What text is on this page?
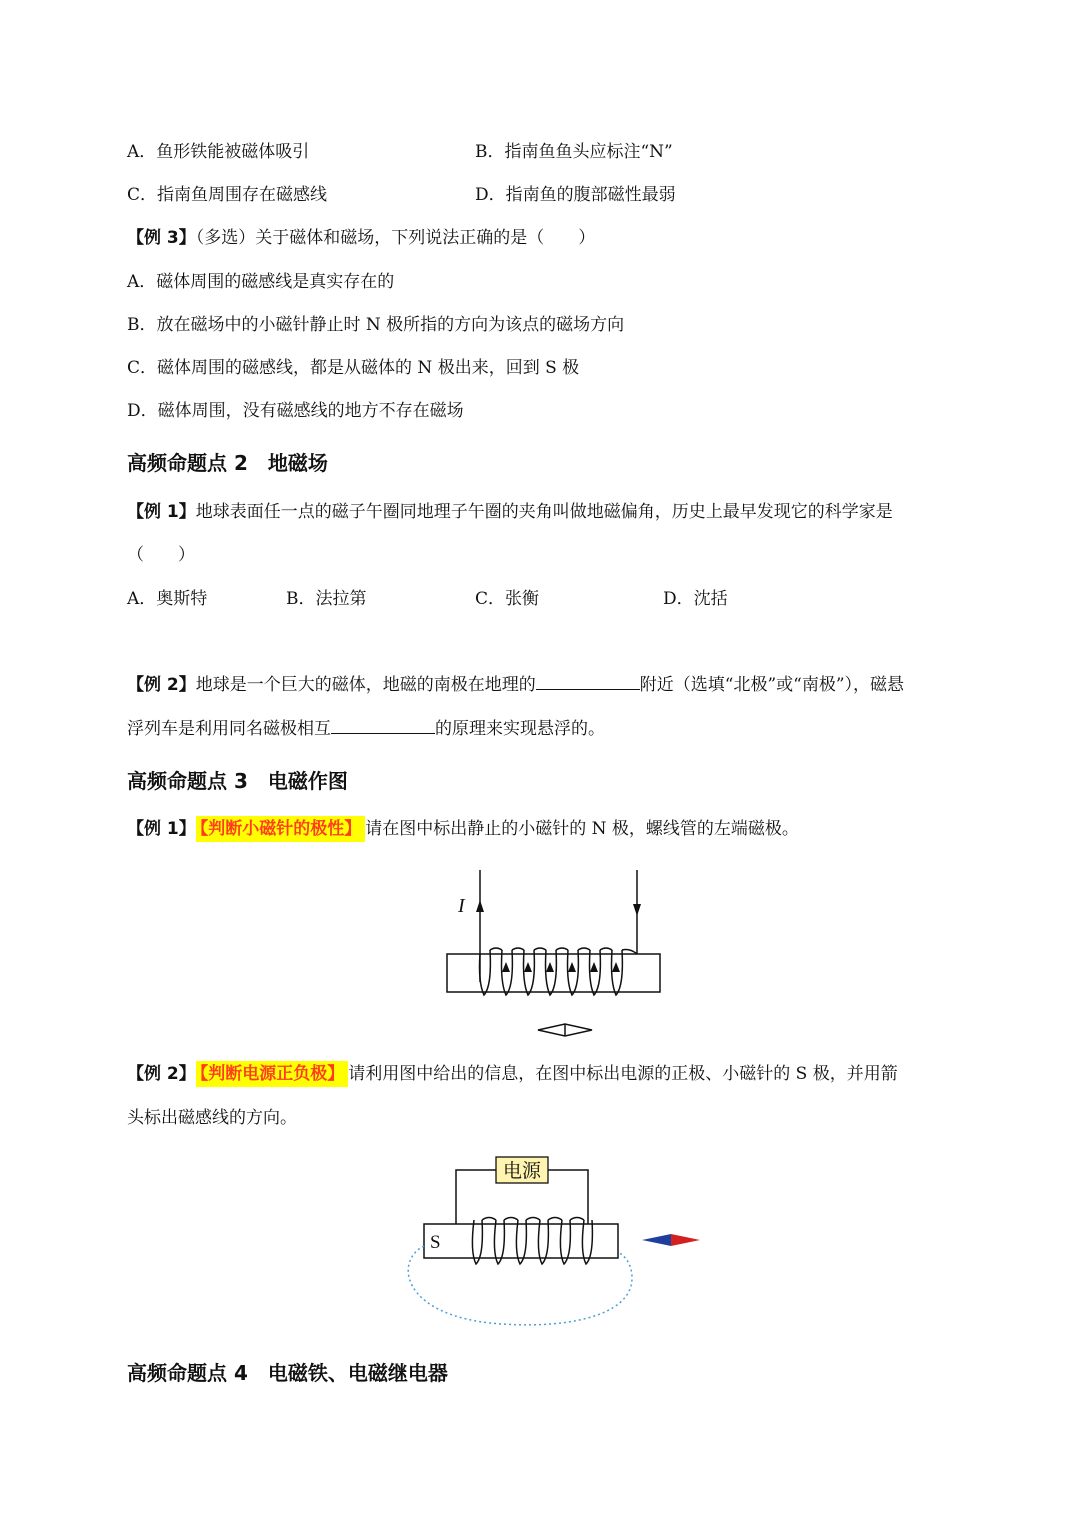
A．鱼形铁能被磁体吸引	B．指南鱼鱼头应标注“N”
C．指南鱼周围存在磁感线	D．指南鱼的腹部磁性最弱
【例 3】（多选）关于磁体和磁场，下列说法正确的是（　　）
A．磁体周围的磁感线是真实存在的
B．放在磁场中的小磁针静止时 N 极所指的方向为该点的磁场方向
C．磁体周围的磁感线，都是从磁体的 N 极出来，回到 S 极
D．磁体周围，没有磁感线的地方不存在磁场
高频命题点 2 地磁场
【例 1】地球表面任一点的磁子午圈同地理子午圈的夹角叫做地磁偏角，历史上最早发现它的科学家是
（　　）
A．奥斯特	B．法拉第	C．张衡	D．沈括
【例 2】地球是一个巨大的磁体，地磁的南极在地理的	附近（选填“北极”或“南极”），磁悬
浮列车是利用同名磁极相互	的原理来实现悬浮的。
高频命题点 3 电磁作图
【例 1】 【判断小磁针的极性】 请在图中标出静止的小磁针的 N 极，螺线管的左端磁极。
I
【例 2】 【判断电源正负极】 请利用图中给出的信息，在图中标出电源的正极、小磁针的 S 极，并用箭
头标出磁感线的方向。
电源
S
高频命题点 4 电磁铁、电磁继电器
